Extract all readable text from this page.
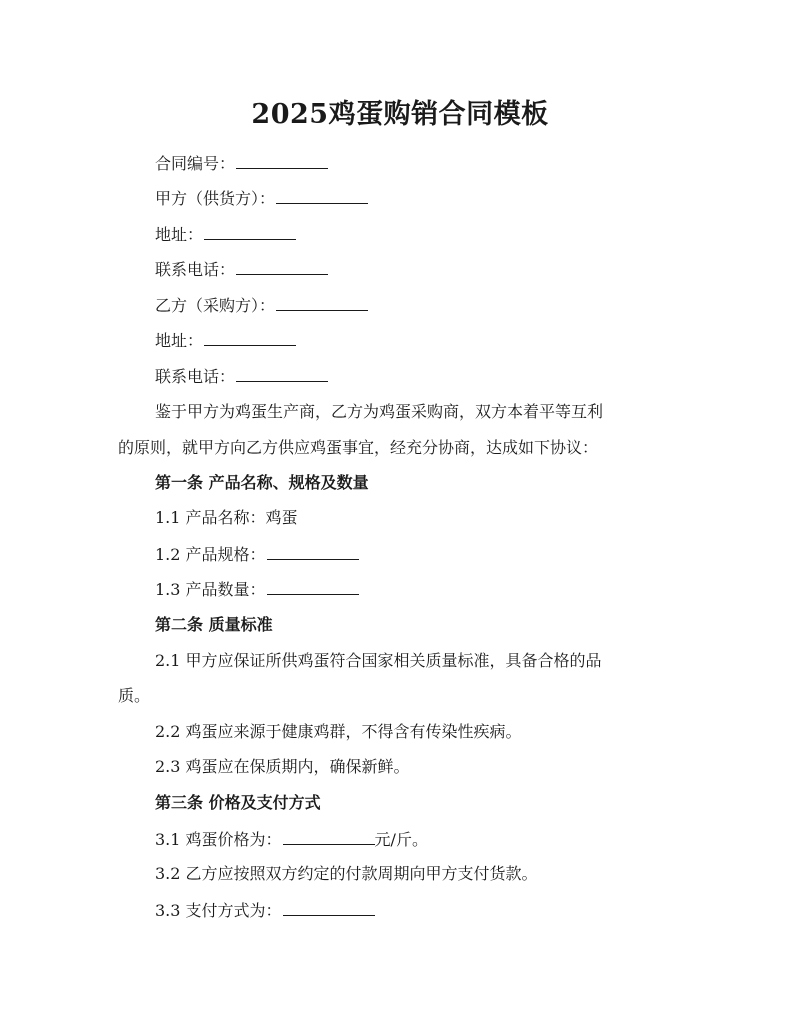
2025鸡蛋购销合同模板
合同编号：
甲方（供货方）：
地址：
联系电话：
乙方（采购方）：
地址：
联系电话：
鉴于甲方为鸡蛋生产商，乙方为鸡蛋采购商，双方本着平等互利
的原则，就甲方向乙方供应鸡蛋事宜，经充分协商，达成如下协议：
第一条 产品名称、规格及数量
1.1 产品名称：鸡蛋
1.2 产品规格：
1.3 产品数量：
第二条 质量标准
2.1 甲方应保证所供鸡蛋符合国家相关质量标准，具备合格的品
质。
2.2 鸡蛋应来源于健康鸡群，不得含有传染性疾病。
2.3 鸡蛋应在保质期内，确保新鲜。
第三条 价格及支付方式
3.1 鸡蛋价格为：	元/斤。
3.2 乙方应按照双方约定的付款周期向甲方支付货款。
3.3 支付方式为：
